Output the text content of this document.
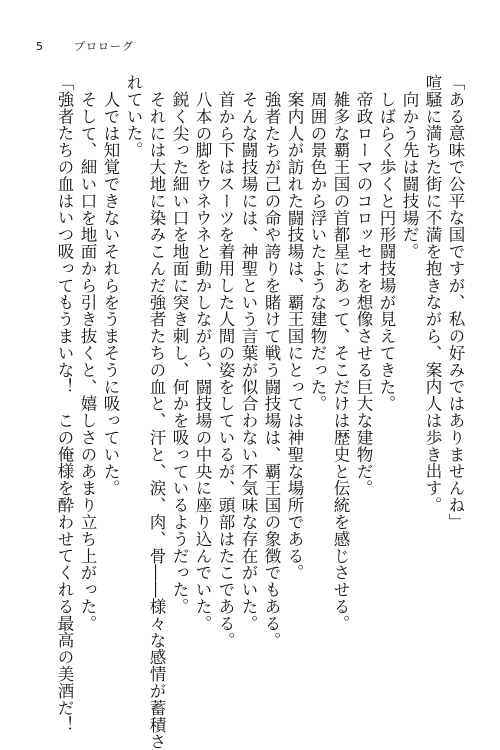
5	プロローグ
「ある意味で公平な国ですが、私の好みではありませんね」
喧騒に満ちた街に不満を抱きながら、案内人は歩き出す。
向かう先は闘技場だ。
しばらく歩くと円形闘技場が見えてきた。
帝政ローマのコロッセオを想像させる巨大な建物だ。
雑多な覇王国の首都星にあって、そこだけは歴史と伝統を感じさせる。
周囲の景色から浮いたような建物だった。
案内人が訪れた闘技場は、覇王国にとっては神聖な場所である。
強者たちが己の命や誇りを賭けて戦う闘技場は、覇王国の象徴でもある。
そんな闘技場には、神聖という言葉が似合わない不気味な存在がいた。
首から下はスーツを着用した人間の姿をしているが、頭部はたこである。
八本の脚をウネウネと動かしながら、闘技場の中央に座り込んでいた。
鋭く尖った細い口を地面に突き刺し、何かを吸っているようだった。
それには大地に染みこんだ強者たちの血と、汗と、涙、肉、骨――様々な感情が蓄積さ
れていた。
人では知覚できないそれらをうまそうに吸っていた。
そして、細い口を地面から引き抜くと、嬉しさのあまり立ち上がった。
「強者たちの血はいつ吸ってもうまいな！　この俺様を酔わせてくれる最高の美酒だ！
